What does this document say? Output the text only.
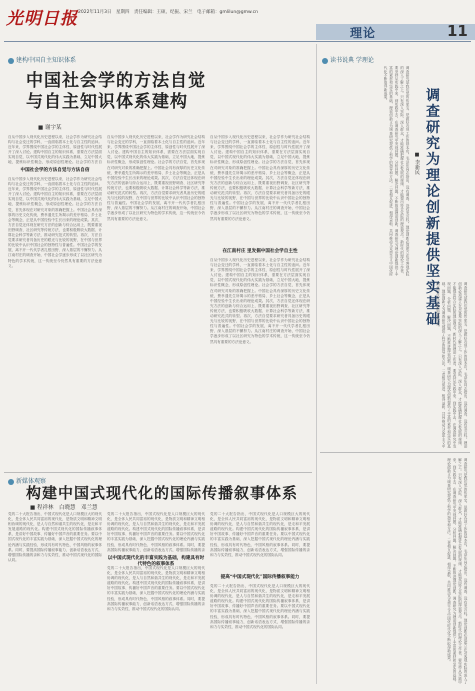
光明日报 2022年11月3日　星期四　责任编辑：王硕、纪振、宋兰　电子邮箱：gmlilun@gmw.cn
理论	11
建构中国自主知识体系
中国社会学的方法自觉
与自主知识体系建构
■ 谢宇某
自从中国步入现代化历史进程以来，社会学作为研究社会结构与社会变迁的学科，一直面临着本土化与自主性的追问。近年来，学界围绕中国社会学的主体性、原创性与时代性展开了深入讨论。建构中国自主的知识体系，需要在方法层面实现自觉，以中国式现代化的伟大实践为基础，立足中国大地，提炼标识性概念，形成原创性理论。社会学的方法自
中国社会学的方法自觉与方法自信
自从中国步入现代化历史进程以来，社会学作为研究社会结构与社会变迁的学科，一直面临着本土化与自主性的追问。近年来，学界围绕中国社会学的主体性、原创性与时代性展开了深入讨论。建构中国自主的知识体系，需要在方法层面实现自觉，以中国式现代化的伟大实践为基础，立足中国大地，提炼标识性概念，形成原创性理论。社会学的方法自觉，首先体现在对研究对象的准确把握上。中国社会具有深厚的历史文化传统，费孝通先生所揭示的差序格局、乡土社会等概念，正是从中国经验中生长出来的理论成果。其次，方法自觉还体现在研究方法的创新与综合运用上，既要重视田野调查、社区研究等传统方法，也要积极吸收大数据、计算社会科学等新方法，推动研究范式的转型。再次，方法自觉要求研究者具备历史的眼光与比较的视野，在中国与世界的比较中认识中国社会的独特性与普遍性。中国社会学的发展，离不开一代代学者扎根田野、深入基层的不懈努力。从江南村庄的调查开始，中国社会学逐步形成了以社区研究为特色的学术传统，这一传统至今仍然具有重要的方法论意义。
自从中国步入现代化历史进程以来，社会学作为研究社会结构与社会变迁的学科，一直面临着本土化与自主性的追问。近年来，学界围绕中国社会学的主体性、原创性与时代性展开了深入讨论。建构中国自主的知识体系，需要在方法层面实现自觉，以中国式现代化的伟大实践为基础，立足中国大地，提炼标识性概念，形成原创性理论。社会学的方法自觉，首先体现在对研究对象的准确把握上。中国社会具有深厚的历史文化传统，费孝通先生所揭示的差序格局、乡土社会等概念，正是从中国经验中生长出来的理论成果。其次，方法自觉还体现在研究方法的创新与综合运用上，既要重视田野调查、社区研究等传统方法，也要积极吸收大数据、计算社会科学等新方法，推动研究范式的转型。再次，方法自觉要求研究者具备历史的眼光与比较的视野，在中国与世界的比较中认识中国社会的独特性与普遍性。中国社会学的发展，离不开一代代学者扎根田野、深入基层的不懈努力。从江南村庄的调查开始，中国社会学逐步形成了以社区研究为特色的学术传统，这一传统至今仍然具有重要的方法论意义。
自从中国步入现代化历史进程以来，社会学作为研究社会结构与社会变迁的学科，一直面临着本土化与自主性的追问。近年来，学界围绕中国社会学的主体性、原创性与时代性展开了深入讨论。建构中国自主的知识体系，需要在方法层面实现自觉，以中国式现代化的伟大实践为基础，立足中国大地，提炼标识性概念，形成原创性理论。社会学的方法自觉，首先体现在对研究对象的准确把握上。中国社会具有深厚的历史文化传统，费孝通先生所揭示的差序格局、乡土社会等概念，正是从中国经验中生长出来的理论成果。其次，方法自觉还体现在研究方法的创新与综合运用上，既要重视田野调查、社区研究等传统方法，也要积极吸收大数据、计算社会科学等新方法，推动研究范式的转型。再次，方法自觉要求研究者具备历史的眼光与比较的视野，在中国与世界的比较中认识中国社会的独特性与普遍性。中国社会学的发展，离不开一代代学者扎根田野、深入基层的不懈努力。从江南村庄的调查开始，中国社会学逐步形成了以社区研究为特色的学术传统，这一传统至今仍然具有重要的方法论意义。
在江南村庄 里发掘中国社会学自主性
自从中国步入现代化历史进程以来，社会学作为研究社会结构与社会变迁的学科，一直面临着本土化与自主性的追问。近年来，学界围绕中国社会学的主体性、原创性与时代性展开了深入讨论。建构中国自主的知识体系，需要在方法层面实现自觉，以中国式现代化的伟大实践为基础，立足中国大地，提炼标识性概念，形成原创性理论。社会学的方法自觉，首先体现在对研究对象的准确把握上。中国社会具有深厚的历史文化传统，费孝通先生所揭示的差序格局、乡土社会等概念，正是从中国经验中生长出来的理论成果。其次，方法自觉还体现在研究方法的创新与综合运用上，既要重视田野调查、社区研究等传统方法，也要积极吸收大数据、计算社会科学等新方法，推动研究范式的转型。再次，方法自觉要求研究者具备历史的眼光与比较的视野，在中国与世界的比较中认识中国社会的独特性与普遍性。中国社会学的发展，离不开一代代学者扎根田野、深入基层的不懈努力。从江南村庄的调查开始，中国社会学逐步形成了以社区研究为特色的学术传统，这一传统至今仍然具有重要的方法论意义。
新媒体观察
构建中国式现代化的国际传播叙事体系
■ 程祥林　白晓慧　邓兰慧
党的二十大报告指出，中国式现代化是人口规模巨大的现代化，是全体人民共同富裕的现代化，是物质文明和精神文明相协调的现代化，是人与自然和谐共生的现代化，是走和平发展道路的现代化。构建中国式现代化的国际传播叙事体系，是讲好中国故事、传播好中国声音的重要任务。要以中国式现代化的丰富实践为基础，深入挖掘中国式现代化的理论内涵与实践经验，形成具有时代特色、中国风格的叙事体系。同时，要提高国际传播叙事能力，创新话语表达方式，增强国际传播的亲和力与实效性，推动中国式现代化的国际认同。	以中国式现代化的丰富实践为基础，构建具有时代特色的叙事体系
党的二十大报告指出，中国式现代化是人口规模巨大的现代化，是全体人民共同富裕的现代化，是物质文明和精神文明相协调的现代化，是人与自然和谐共生的现代化，是走和平发展道路的现代化。构建中国式现代化的国际传播叙事体系，是讲好中国故事、传播好中国声音的重要任务。要以中国式现代化的丰富实践为基础，深入挖掘中国式现代化的理论内涵与实践经验，形成具有时代特色、中国风格的叙事体系。同时，要提高国际传播叙事能力，创新话语表达方式，增强国际传播的亲
党的二十大报告指出，中国式现代化是人口规模巨大的现代化，是全体人民共同富裕的现代化，是物质文明和精神文明相协调的现代化，是人与自然和谐共生的现代化，是走和平发展道路的现代化。构建中国式现代化的国际传播叙事体系，是讲好中国故事、传播好中国声音的重要任务。要以中国式现代化的丰富实践为基础，深入挖掘中国式现代化的理论内涵与实践经验，形成具有时代特色、中国风格的叙事体系。同时，要提高国际传播叙事能力，创新话语表达方式，增强国际传播的亲和力与实效性，推动中国式现代化的国际认同。
党的二十大报告指出，中国式现代化是人口规模巨大的现代化，是全体人民共同富裕的现代化，是物质文明和精神文明相协调的现代化，是人与自然和谐共生的现代化，是走和平发展道路的现代化。构建中国式现代化的国际传播叙事体系，是讲好中国故事、传播好中国声音的重要任务。要以中国式现代化的丰富实践为基础，深入挖掘中国式现代化的理论内涵与实践经验，形成具有时代特色、中国风格的叙事体系。同时，要提高国际传播叙事能力，创新话语表达方式，增强国际传播的亲和力与实效性，推动中国式现代化的国际认同。
提高“中国式现代化”国际传播叙事能力
党的二十大报告指出，中国式现代化是人口规模巨大的现代化，是全体人民共同富裕的现代化，是物质文明和精神文明相协调的现代化，是人与自然和谐共生的现代化，是走和平发展道路的现代化。构建中国式现代化的国际传播叙事体系，是讲好中国故事、传播好中国声音的重要任务。要以中国式现代化的丰富实践为基础，深入挖掘中国式现代化的理论内涵与实践经验，形成具有时代特色、中国风格的叙事体系。同时，要提高国际传播叙事能力，创新话语表达方式，增强国际传播的亲和力与实效性，推动中国式现代化的国际认同。
读书说典 学理论
调查研究为理论创新提供坚实基础
■ 李新民
调查研究是我们党的传家宝，是做好各项工作的基本功。毛泽东同志指出，没有调查，没有发言权。理论创新必须建立在对客观实际的深入了解之上。只有深入实际、深入群众，才能准确把握社会发展的规律，才能提出符合实际的理论观点。新时代的理论工作者，要坚持从实践中来、到实践中去，在调查研究中发现问题、分析问题、解决问题，不断推进理论创新。调查研究为理论创新提供了丰富的素材和坚实的基础，理论创新又为调查研究提供了科学的指导和方法。二者相互促进、相得益彰，共同推动马克思主义中国化时代化不断取得新成果。
调查研究是我们党的传家宝，是做好各项工作的基本功。毛泽东同志指出，没有调查，没有发言权。理论创新必须建立在对客观实际的深入了解之上。只有深入实际、深入群众，才能准确把握社会发展的规律，才能提出符合实际的理论观点。新时代的理论工作者，要坚持从实践中来、到实践中去，在调查研究中发现问题、分析问题、解决问题，不断推进理论创新。调查研究为理论创新提供了丰富的素材和坚实的基础，理论创新又为调查研究提供了科学的指导和方法。二者相互促进、相得益彰，共同推动马克思主义中国化时代化不断取得新成果。
调查研究是我们党的传家宝，是做好各项工作的基本功。毛泽东同志指出，没有调查，没有发言权。理论创新必须建立在对客观实际的深入了解之上。只有深入实际、深入群众，才能准确把握社会发展的规律，才能提出符合实际的理论观点。新时代的理论工作者，要坚持从实践中来、到实践中去，在调查研究中发现问题、分析问题、解决问题，不断推进理论创新。调查研究为理论创新提供了丰富的素材和坚实的基础，理论创新又为调查研究提供了科学的指导和方法。二者相互促进、相得益彰，共同推动马克思主义中国化时代化不断取得新成果。
